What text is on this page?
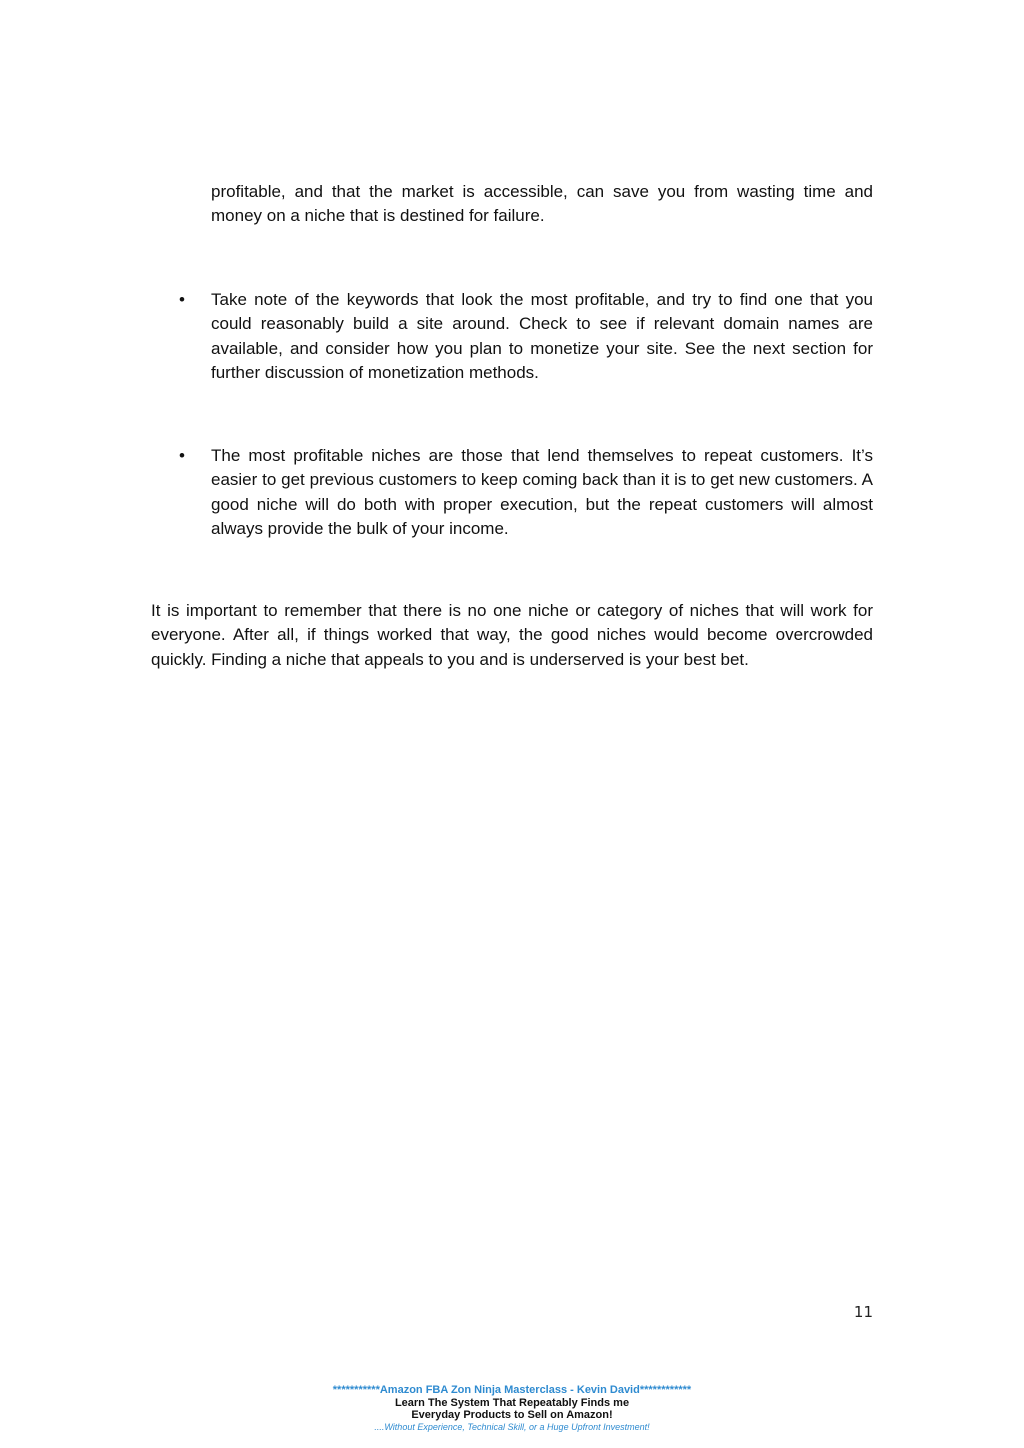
profitable, and that the market is accessible, can save you from wasting time and money on a niche that is destined for failure.

• Take note of the keywords that look the most profitable, and try to find one that you could reasonably build a site around. Check to see if relevant domain names are available, and consider how you plan to monetize your site. See the next section for further discussion of monetization methods.

• The most profitable niches are those that lend themselves to repeat customers. It’s easier to get previous customers to keep coming back than it is to get new customers. A good niche will do both with proper execution, but the repeat customers will almost always provide the bulk of your income.

It is important to remember that there is no one niche or category of niches that will work for everyone. After all, if things worked that way, the good niches would become overcrowded quickly. Finding a niche that appeals to you and is underserved is your best bet.

11
***********Amazon FBA Zon Ninja Masterclass - Kevin David************
Learn The System That Repeatably Finds me
Everyday Products to Sell on Amazon!
....Without Experience, Technical Skill, or a Huge Upfront Investment!
